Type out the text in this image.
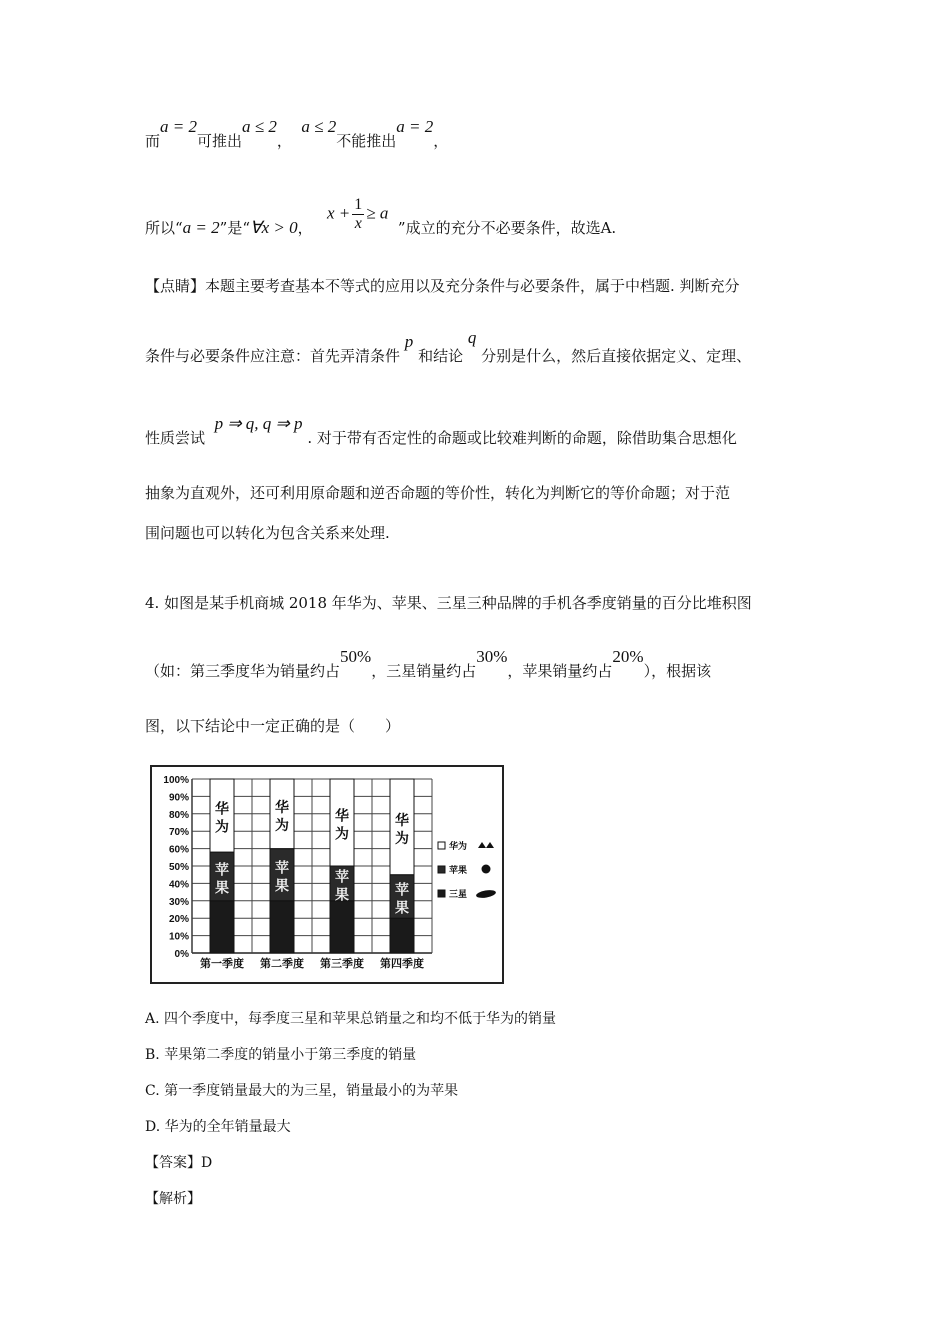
而a = 2可推出a ≤ 2，  a ≤ 2不能推出a = 2，
所以“a = 2”是“∀x > 0，   $x + \frac{1}{x} \ge a$  ”成立的充分不必要条件，故选A.
【点睛】本题主要考查基本不等式的应用以及充分条件与必要条件，属于中档题. 判断充分
条件与必要条件应注意：首先弄清条件 p 和结论 q 分别是什么，然后直接依据定义、定理、
性质尝试  p ⇒ q, q ⇒ p . 对于带有否定性的命题或比较难判断的命题，除借助集合思想化
抽象为直观外，还可利用原命题和逆否命题的等价性，转化为判断它的等价命题；对于范
围问题也可以转化为包含关系来处理.
4. 如图是某手机商城 2018 年华为、苹果、三星三种品牌的手机各季度销量的百分比堆积图
（如：第三季度华为销量约占50%，三星销量约占30%，苹果销量约占20%），根据该
图，以下结论中一定正确的是（　　）
100%
90%
80%
70%
60%
50%
40%
30%
20%
10%
0%
苹
果
华
为
第一季度
苹
果
华
为
第二季度
苹
果
华
为
第三季度
苹
果
华
为
第四季度
华为
苹果
三星
A. 四个季度中，每季度三星和苹果总销量之和均不低于华为的销量
B. 苹果第二季度的销量小于第三季度的销量
C. 第一季度销量最大的为三星，销量最小的为苹果
D. 华为的全年销量最大
【答案】D
【解析】
